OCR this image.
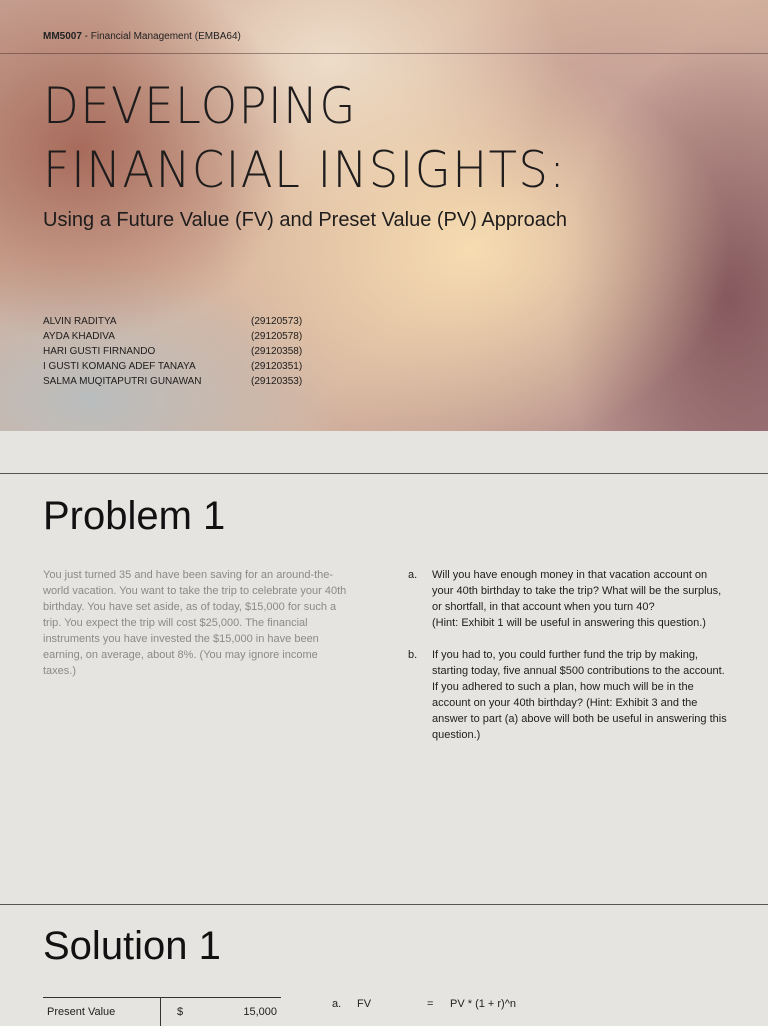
MM5007 - Financial Management (EMBA64)
DEVELOPING
FINANCIAL INSIGHTS:
Using a Future Value (FV) and Preset Value (PV) Approach
ALVIN RADITYA	(29120573)
AYDA KHADIVA	(29120578)
HARI GUSTI FIRNANDO	(29120358)
I GUSTI KOMANG ADEF TANAYA	(29120351)
SALMA MUQITAPUTRI GUNAWAN	(29120353)
Problem 1

You just turned 35 and have been saving for an around-the-world vacation. You want to take the trip to celebrate your 40th birthday. You have set aside, as of today, $15,000 for such a trip. You expect the trip will cost $25,000. The financial instruments you have invested the $15,000 in have been earning, on average, about 8%. (You may ignore income taxes.)

a.	Will you have enough money in that vacation account on your 40th birthday to take the trip? What will be the surplus, or shortfall, in that account when you turn 40?
(Hint: Exhibit 1 will be useful in answering this question.)
b.	If you had to, you could further fund the trip by making, starting today, five annual $500 contributions to the account. If you adhered to such a plan, how much will be in the account on your 40th birthday? (Hint: Exhibit 3 and the answer to part (a) above will both be useful in answering this question.)
Solution 1
Present Value	$	15,000
a.	FV	=	PV * (1 + r)^n
